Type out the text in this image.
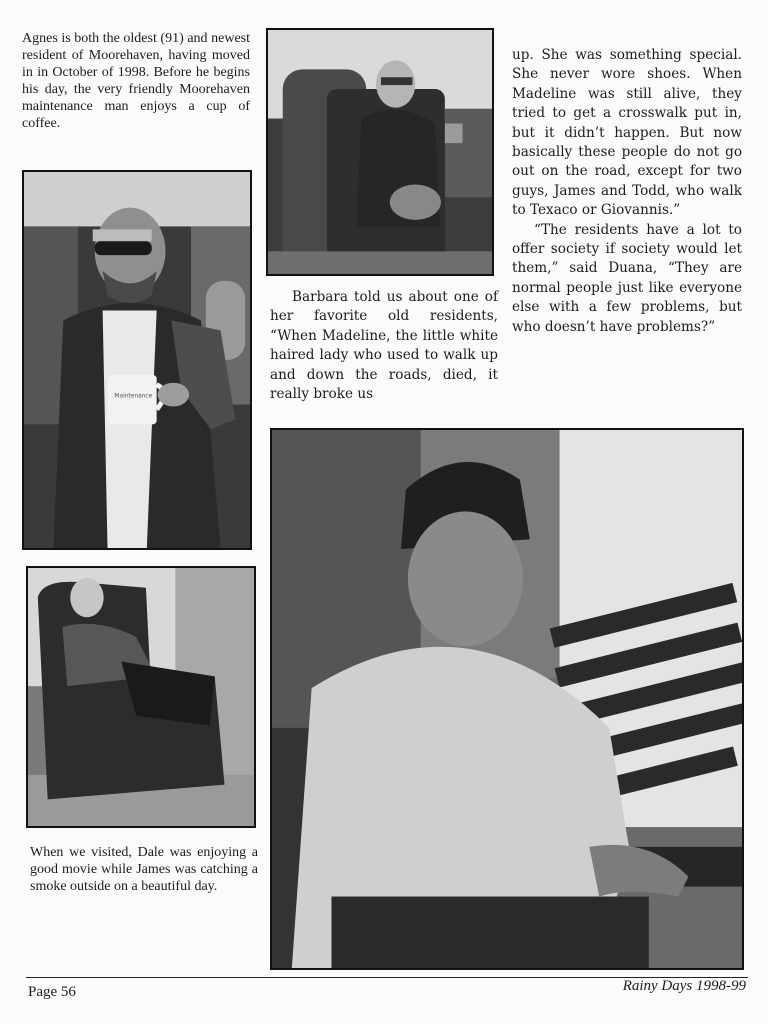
Agnes is both the oldest (91) and newest resident of Moorehaven, having moved in in October of 1998. Before he begins his day, the very friendly Moorehaven maintenance man enjoys a cup of coffee.
Maintenance

Barbara told us about one of her favorite old residents, “When Madeline, the little white haired lady who used to walk up and down the roads, died, it really broke us

up. She was something special. She never wore shoes. When Madeline was still alive, they tried to get a crosswalk put in, but it didn’t happen. But now basically these people do not go out on the road, except for two guys, James and Todd, who walk to Texaco or Giovannis.”

“The residents have a lot to offer society if society would let them,” said Duana, “They are normal people just like everyone else with a few problems, but who doesn’t have problems?”

When we visited, Dale was enjoying a good movie while James was catching a smoke outside on a beautiful day.
Page 56	Rainy Days 1998-99
